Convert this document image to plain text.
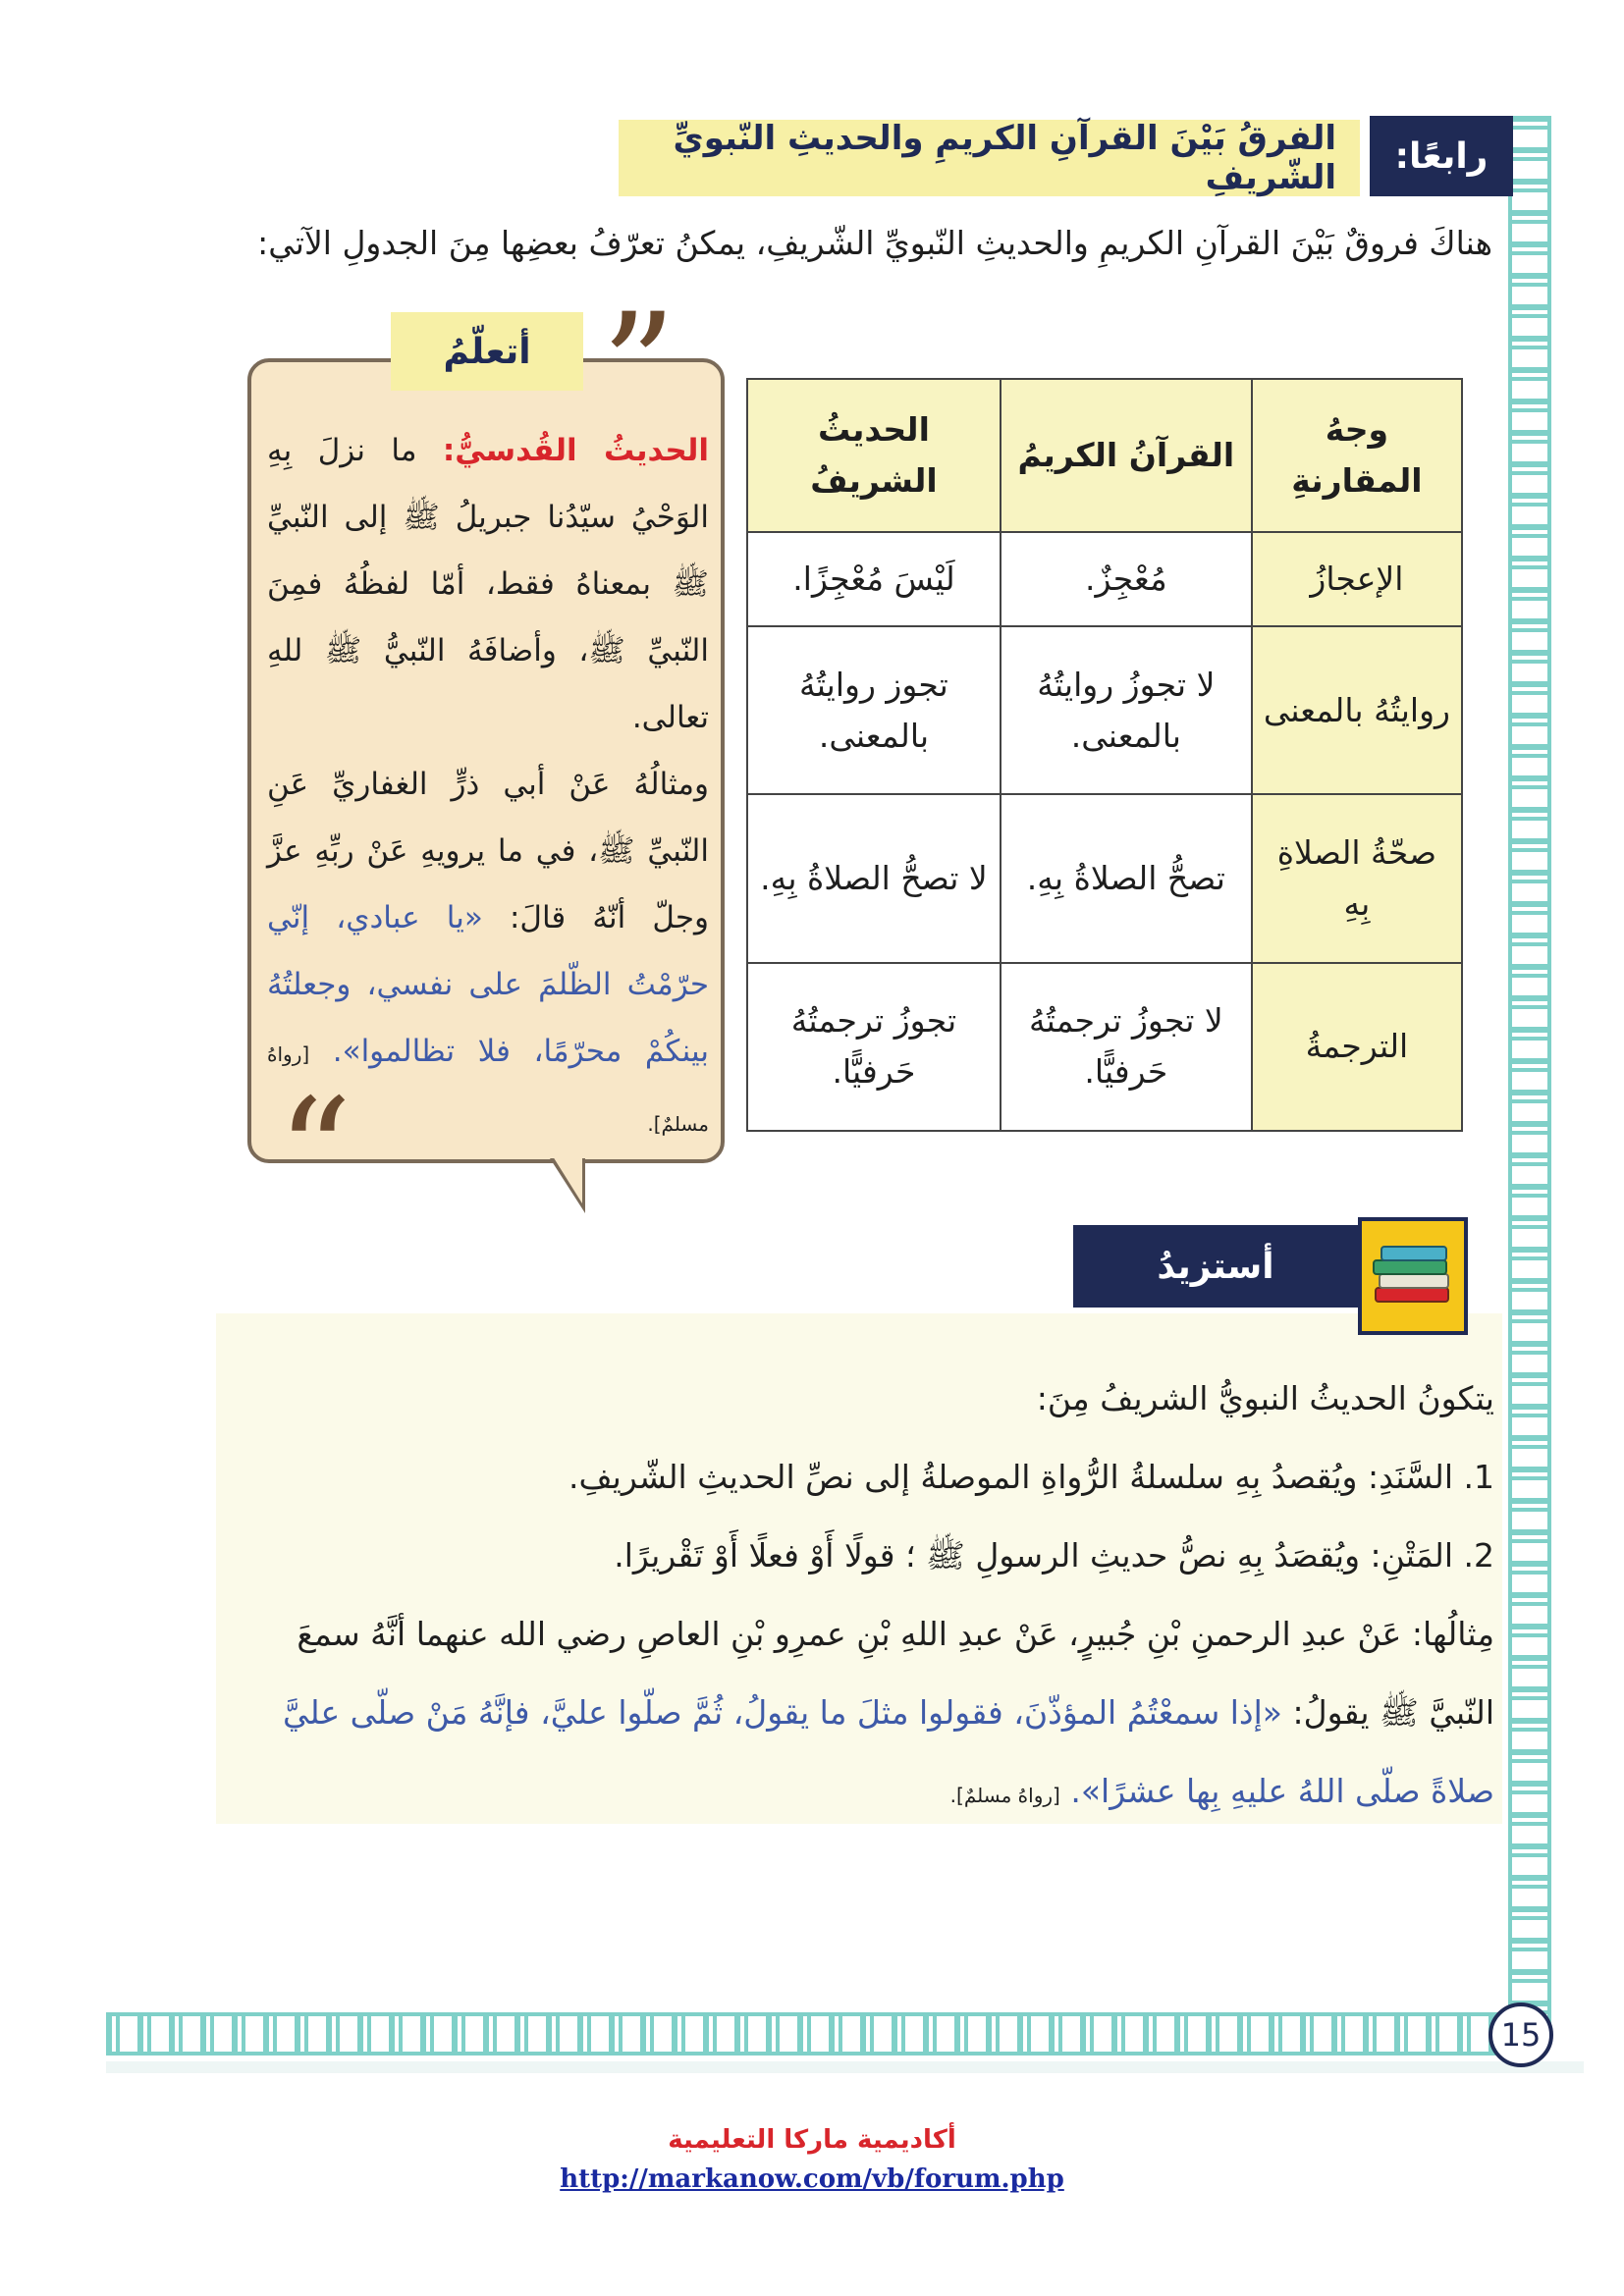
15
رابعًا:
الفرقُ بَيْنَ القرآنِ الكريمِ والحديثِ النّبويِّ الشّريفِ
هناكَ فروقٌ بَيْنَ القرآنِ الكريمِ والحديثِ النّبويِّ الشّريفِ، يمكنُ تعرّفُ بعضِها مِنَ الجدولِ الآتي:
وجهُ المقارنةِ	القرآنُ الكريمُ	الحديثُ الشريفُ
الإعجازُ	مُعْجِزٌ.	لَيْسَ مُعْجِزًا.
روايتُهُ بالمعنى	لا تجوزُ روايتُهُ بالمعنى.	تجوز روايتُهُ بالمعنى.
صحّةُ الصلاةِ بِهِ	تصحُّ الصلاةُ بِهِ.	لا تصحُّ الصلاةُ بِهِ.
الترجمةُ	لا تجوزُ ترجمتُهُ حَرفيًّا.	تجوزُ ترجمتُهُ حَرفيًّا.
”
“
أتعلّمُ
الحديثُ القُدسيُّ: ما نزلَ بِهِ الوَحْيُ سيّدُنا جبريلُ ﷺ إلى النّبيِّ ﷺ بمعناهُ فقط، أمّا لفظُهُ فمِنَ النّبيِّ ﷺ، وأضافَهُ النّبيُّ ﷺ للهِ تعالى.
ومثالُهُ عَنْ أبي ذرٍّ الغفاريِّ عَنِ النّبيِّ ﷺ، في ما يرويهِ عَنْ ربِّهِ عزَّ وجلّ أنّهُ قالَ: «يا عبادي، إنّي حرّمْتُ الظّلمَ على نفسي، وجعلتُهُ بينكُمْ محرّمًا، فلا تظالموا». [رواهُ مسلمٌ].
أستزيدُ
يتكونُ الحديثُ النبويُّ الشريفُ مِنَ:
1. السَّنَدِ: ويُقصدُ بِهِ سلسلةُ الرُّواةِ الموصلةُ إلى نصِّ الحديثِ الشّريفِ.
2. المَتْنِ: ويُقصَدُ بِهِ نصُّ حديثِ الرسولِ ﷺ ؛ قولًا أَوْ فعلًا أَوْ تَقْريرًا.
مِثالُها: عَنْ عبدِ الرحمنِ بْنِ جُبيرٍ، عَنْ عبدِ اللهِ بْنِ عمرِو بْنِ العاصِ رضي الله عنهما أنَّهُ سمعَ النّبيَّ ﷺ يقولُ: «إذا سمعْتُمُ المؤذّنَ، فقولوا مثلَ ما يقولُ، ثُمَّ صلّوا عليَّ، فإنَّهُ مَنْ صلّى عليَّ صلاةً صلّى اللهُ عليهِ بِها عشرًا». [رواهُ مسلمٌ].
أكاديمية ماركا التعليمية
http://markanow.com/vb/forum.php
